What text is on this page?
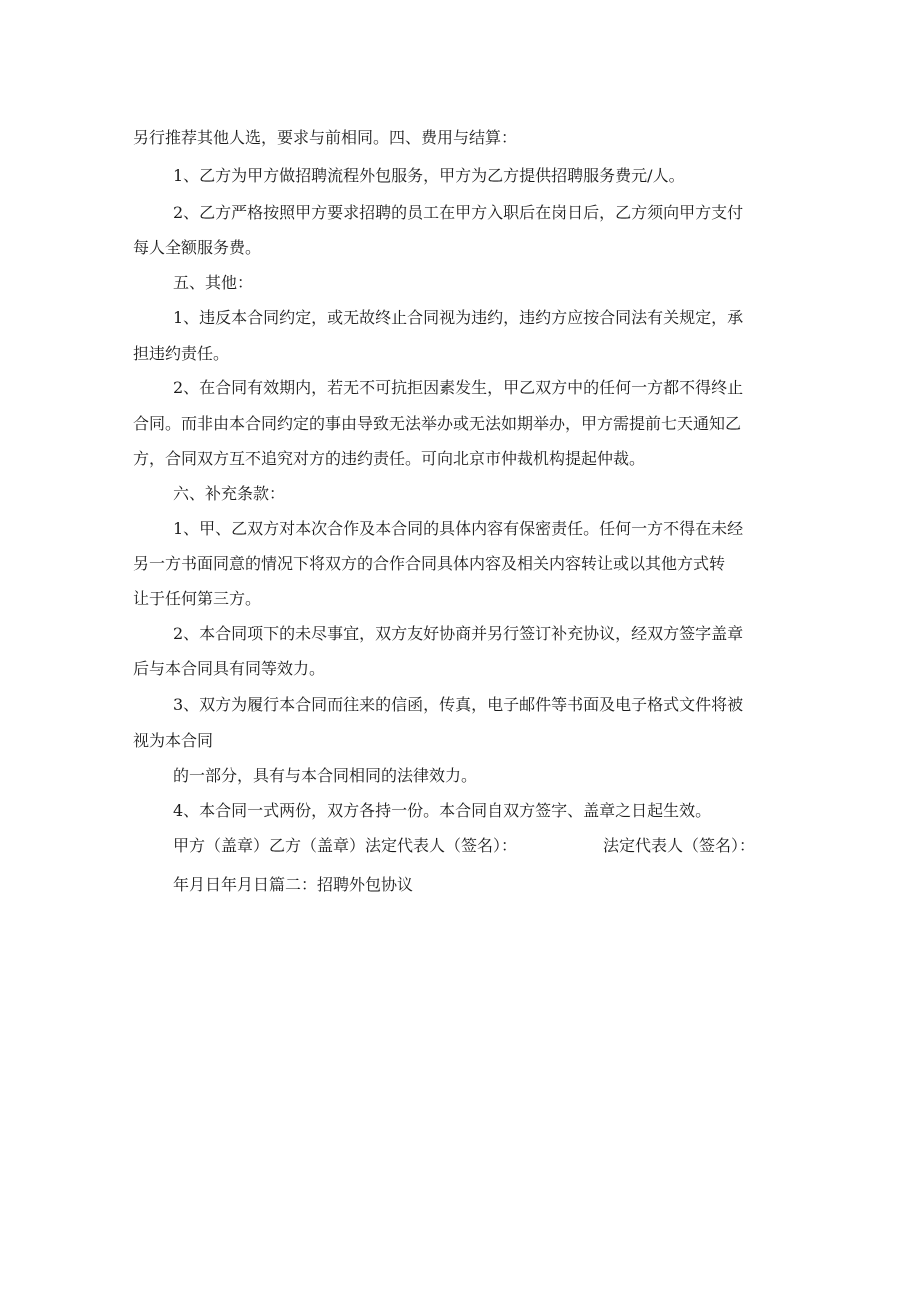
另行推荐其他人选，要求与前相同。四、费用与结算：
1、乙方为甲方做招聘流程外包服务，甲方为乙方提供招聘服务费元/人。
2、乙方严格按照甲方要求招聘的员工在甲方入职后在岗日后，乙方须向甲方支付
每人全额服务费。
五、其他：
1、违反本合同约定，或无故终止合同视为违约，违约方应按合同法有关规定，承
担违约责任。
2、在合同有效期内，若无不可抗拒因素发生，甲乙双方中的任何一方都不得终止
合同。而非由本合同约定的事由导致无法举办或无法如期举办，甲方需提前七天通知乙
方，合同双方互不追究对方的违约责任。可向北京市仲裁机构提起仲裁。
六、补充条款：
1、甲、乙双方对本次合作及本合同的具体内容有保密责任。任何一方不得在未经
另一方书面同意的情况下将双方的合作合同具体内容及相关内容转让或以其他方式转
让于任何第三方。
2、本合同项下的未尽事宜，双方友好协商并另行签订补充协议，经双方签字盖章
后与本合同具有同等效力。
3、双方为履行本合同而往来的信函，传真，电子邮件等书面及电子格式文件将被
视为本合同
的一部分，具有与本合同相同的法律效力。
4、本合同一式两份，双方各持一份。本合同自双方签字、盖章之日起生效。
甲方（盖章）乙方（盖章）法定代表人（签名）：	法定代表人（签名）：
年月日年月日篇二：招聘外包协议
